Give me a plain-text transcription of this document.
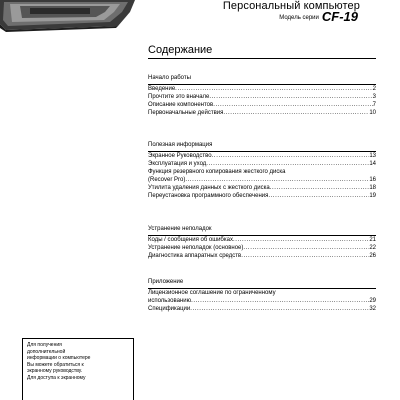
Персональный компьютер
Модель серии CF-19
Содержание
Начало работы
Введение .....	2
Прочтите это вначале .....	3
Описание компонентов .....	7
Первоначальные действия .....	10
Полезная информация
Экранное Руководство .....	13
Эксплуатация и уход .....	14
Функция резервного копирования жесткого диска
(Recover Pro) .....	16
Утилита удаления данных с жесткого диска .....	18
Переустановка программного обеспечения .....	19
Устранение неполадок
Коды / сообщения об ошибках .....	21
Устранение неполадок (основное) .....	22
Диагностика аппаратных средств .....	26
Приложение
Лицензионное соглашение по ограниченному
использованию .....	29
Спецификации .....	32
Для получения
дополнительной
информации о компьютере
Вы можете обратиться к
экранному руководству.
Для доступа к экранному
